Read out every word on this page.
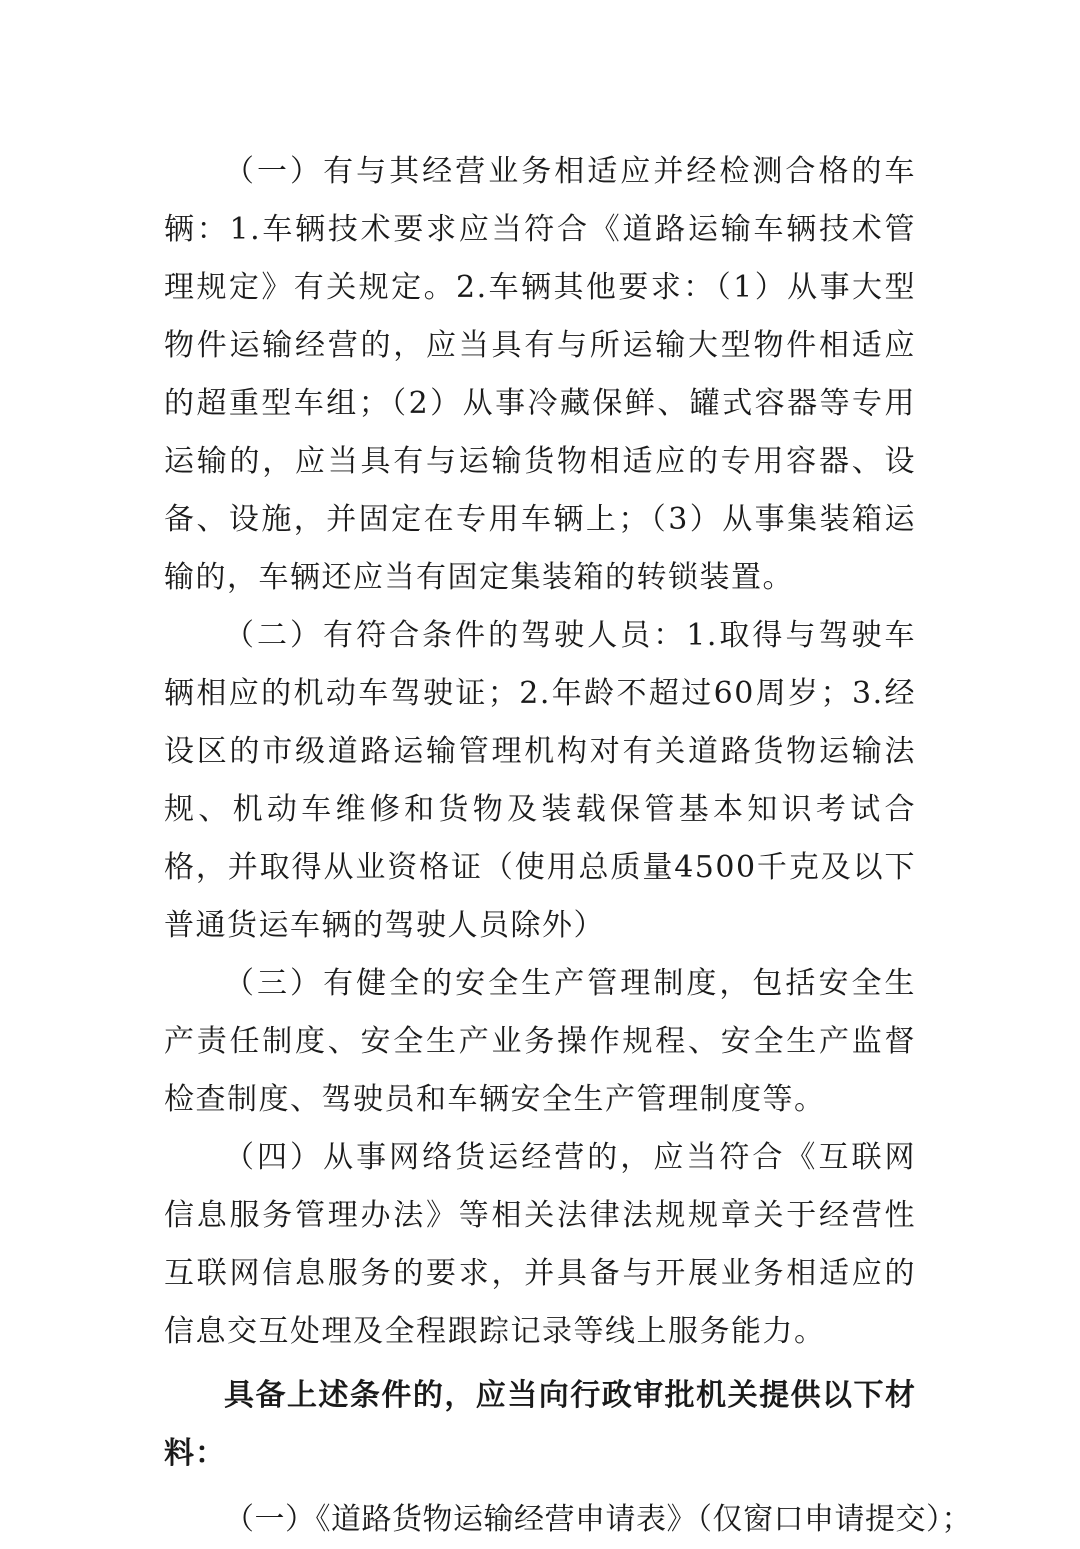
（一）有与其经营业务相适应并经检测合格的车辆：1.车辆技术要求应当符合《道路运输车辆技术管理规定》有关规定。2.车辆其他要求：（1）从事大型物件运输经营的，应当具有与所运输大型物件相适应的超重型车组；（2）从事冷藏保鲜、罐式容器等专用运输的，应当具有与运输货物相适应的专用容器、设备、设施，并固定在专用车辆上；（3）从事集装箱运输的，车辆还应当有固定集装箱的转锁装置。

（二）有符合条件的驾驶人员：1.取得与驾驶车辆相应的机动车驾驶证；2.年龄不超过60周岁；3.经设区的市级道路运输管理机构对有关道路货物运输法规、机动车维修和货物及装载保管基本知识考试合格，并取得从业资格证（使用总质量4500千克及以下普通货运车辆的驾驶人员除外）

（三）有健全的安全生产管理制度，包括安全生产责任制度、安全生产业务操作规程、安全生产监督检查制度、驾驶员和车辆安全生产管理制度等。

（四）从事网络货运经营的，应当符合《互联网信息服务管理办法》等相关法律法规规章关于经营性互联网信息服务的要求，并具备与开展业务相适应的信息交互处理及全程跟踪记录等线上服务能力。

具备上述条件的，应当向行政审批机关提供以下材料：

（一）《道路货物运输经营申请表》（仅窗口申请提交）；
